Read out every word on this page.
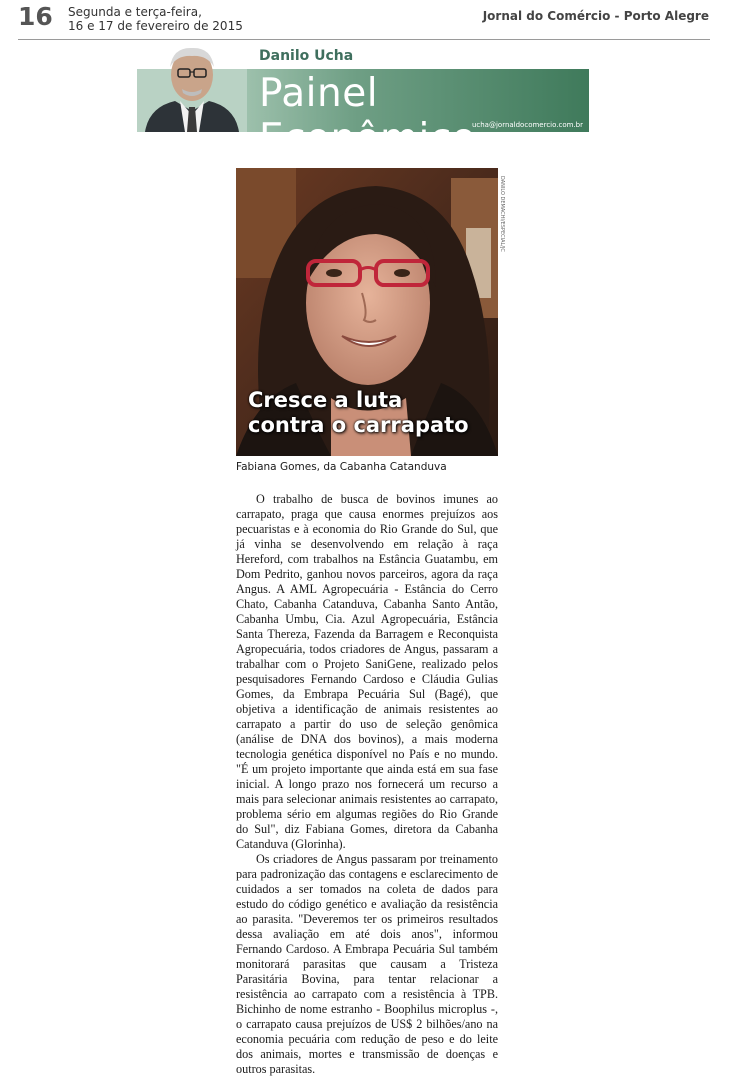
16 Segunda e terça-feira,
16 e 17 de fevereiro de 2015
Jornal do Comércio - Porto Alegre
Danilo Ucha
Painel Econômico
ucha@jornaldocomercio.com.br
DANILO DEMACHI/ESPECIAL/JC
Cresce a luta
contra o carrapato
Fabiana Gomes, da Cabanha Catanduva

O trabalho de busca de bovinos imunes ao carrapato, praga que causa enormes prejuízos aos pecuaristas e à economia do Rio Grande do Sul, que já vinha se desenvolvendo em relação à raça Hereford, com trabalhos na Estância Guatambu, em Dom Pedrito, ganhou novos parceiros, agora da raça Angus. A AML Agropecuária - Estância do Cerro Chato, Cabanha Catanduva, Cabanha Santo Antão, Cabanha Umbu, Cia. Azul Agropecuária, Estância Santa Thereza, Fazenda da Barragem e Reconquista Agropecuária, todos criadores de Angus, passaram a trabalhar com o Projeto SaniGene, realizado pelos pesquisadores Fernando Cardoso e Cláudia Gulias Gomes, da Embrapa Pecuária Sul (Bagé), que objetiva a identificação de animais resistentes ao carrapato a partir do uso de seleção genômica (análise de DNA dos bovinos), a mais moderna tecnologia genética disponível no País e no mundo. "É um projeto importante que ainda está em sua fase inicial. A longo prazo nos fornecerá um recurso a mais para selecionar animais resistentes ao carrapato, problema sério em algumas regiões do Rio Grande do Sul", diz Fabiana Gomes, diretora da Cabanha Catanduva (Glorinha).

Os criadores de Angus passaram por treinamento para padronização das contagens e esclarecimento de cuidados a ser tomados na coleta de dados para estudo do código genético e avaliação da resistência ao parasita. "Deveremos ter os primeiros resultados dessa avaliação em até dois anos", informou Fernando Cardoso. A Embrapa Pecuária Sul também monitorará parasitas que causam a Tristeza Parasitária Bovina, para tentar relacionar a resistência ao carrapato com a resistência à TPB. Bichinho de nome estranho - Boophilus microplus -, o carrapato causa prejuízos de US$ 2 bilhões/ano na economia pecuária com redução de peso e do leite dos animais, mortes e transmissão de doenças e outros parasitas.
